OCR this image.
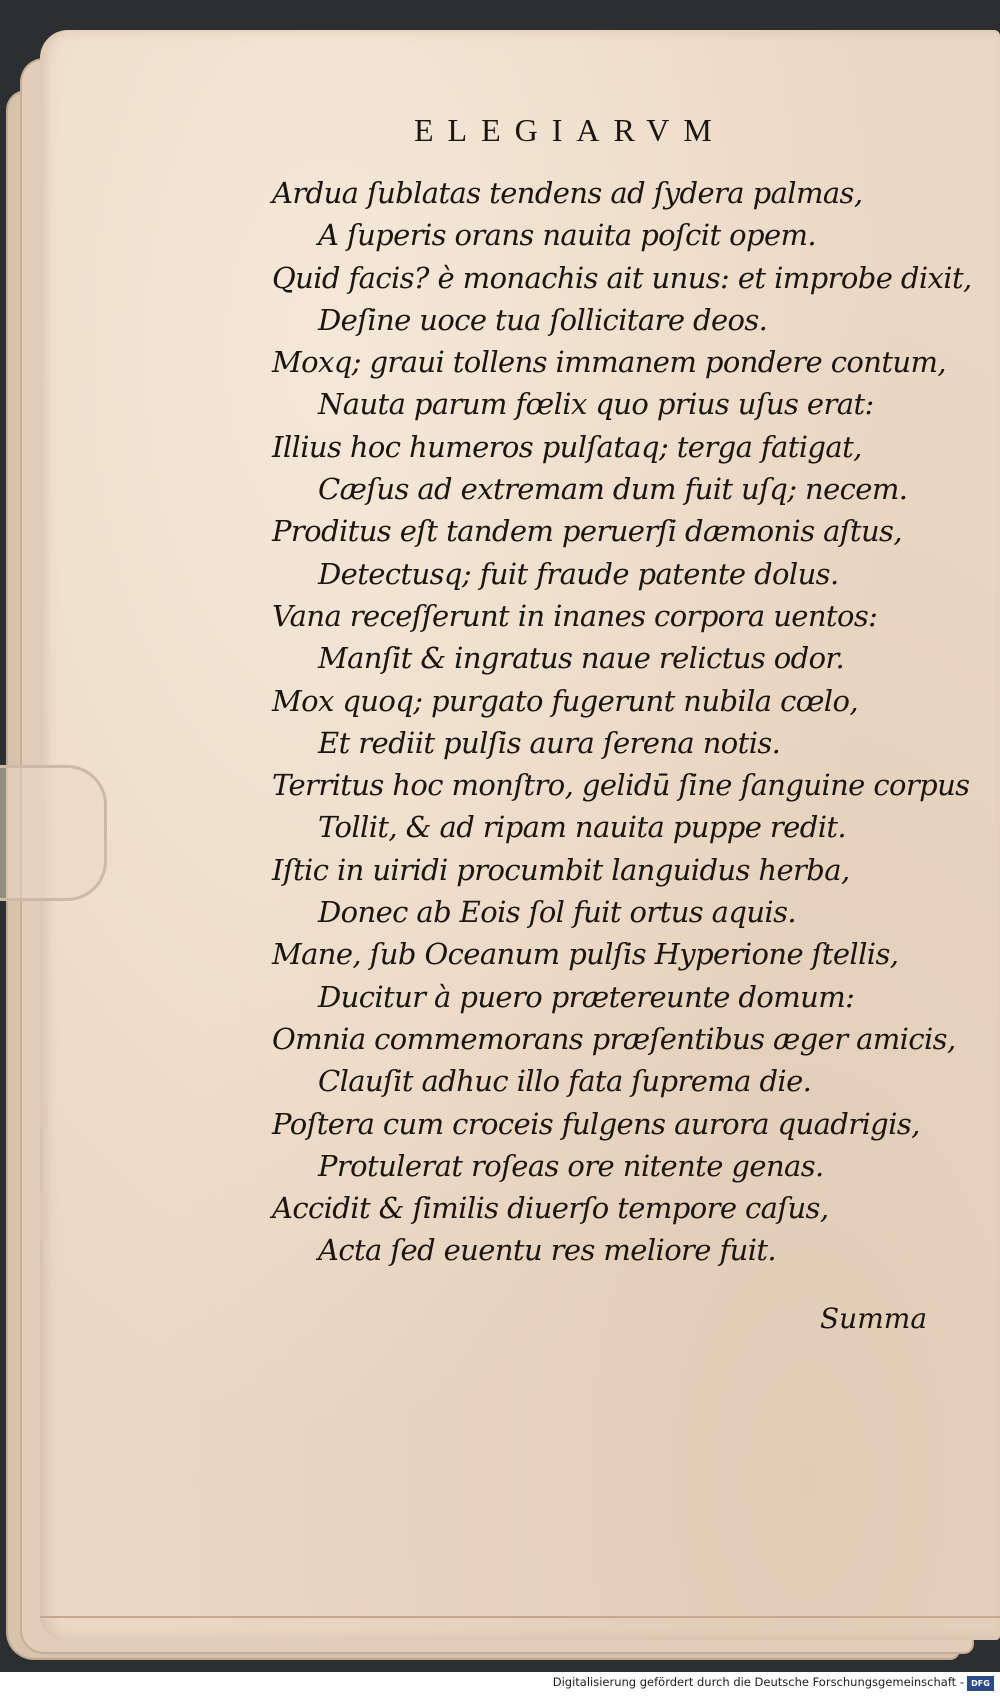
ELEGIARVM
Ardua ſublatas tendens ad ſydera palmas,
A ſuperis orans nauita poſcit opem.
Quid facis? è monachis ait unus: et improbe dixit,
Deſine uoce tua ſollicitare deos.
Moxq; graui tollens immanem pondere contum,
Nauta parum fœlix quo prius uſus erat:
Illius hoc humeros pulſataq; terga fatigat,
Cæſus ad extremam dum fuit uſq; necem.
Proditus eſt tandem peruerſi dæmonis aſtus,
Detectusq; fuit fraude patente dolus.
Vana receſſerunt in inanes corpora uentos:
Manſit & ingratus naue relictus odor.
Mox quoq; purgato fugerunt nubila cœlo,
Et rediit pulſis aura ſerena notis.
Territus hoc monſtro, gelidū ſine ſanguine corpus
Tollit, & ad ripam nauita puppe redit.
Iſtic in uiridi procumbit languidus herba,
Donec ab Eois ſol fuit ortus aquis.
Mane, ſub Oceanum pulſis Hyperione ſtellis,
Ducitur à puero prætereunte domum:
Omnia commemorans præſentibus æger amicis,
Clauſit adhuc illo fata ſuprema die.
Poſtera cum croceis fulgens aurora quadrigis,
Protulerat roſeas ore nitente genas.
Accidit & ſimilis diuerſo tempore caſus,
Acta ſed euentu res meliore fuit.
Summa
Digitalisierung gefördert durch die Deutsche Forschungsgemeinschaft - DFG
